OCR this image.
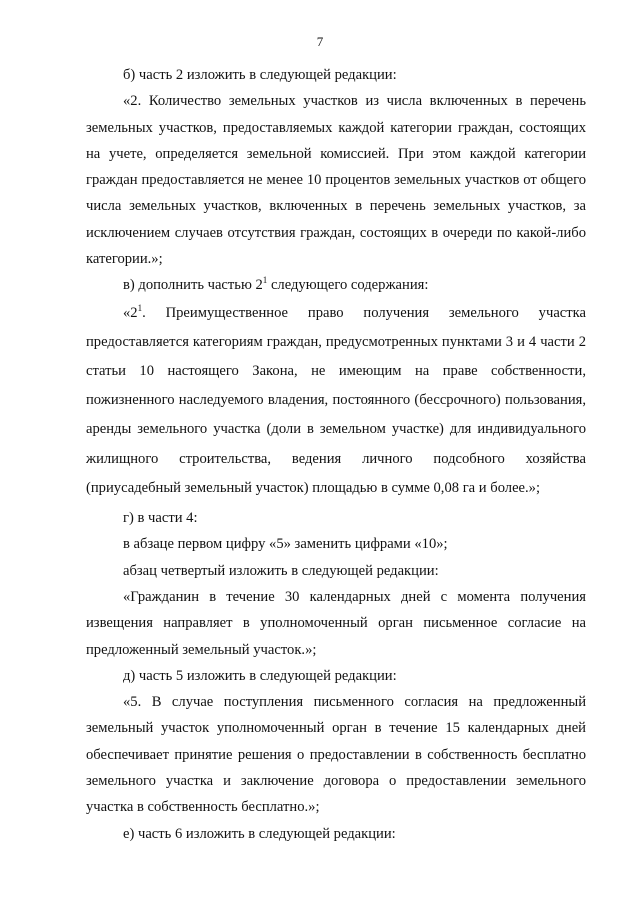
7

б) часть 2 изложить в следующей редакции:

«2. Количество земельных участков из числа включенных в перечень земельных участков, предоставляемых каждой категории граждан, состоящих на учете, определяется земельной комиссией. При этом каждой категории граждан предоставляется не менее 10 процентов земельных участков от общего числа земельных участков, включенных в перечень земельных участков, за исключением случаев отсутствия граждан, состоящих в очереди по какой-либо категории.»;

в) дополнить частью $2^1$ следующего содержания:

«$2^1$. Преимущественное право получения земельного участка предоставляется категориям граждан, предусмотренных пунктами 3 и 4 части 2 статьи 10 настоящего Закона, не имеющим на праве собственности, пожизненного наследуемого владения, постоянного (бессрочного) пользования, аренды земельного участка (доли в земельном участке) для индивидуального жилищного строительства, ведения личного подсобного хозяйства (приусадебный земельный участок) площадью в сумме 0,08 га и более.»;

г) в части 4:

в абзаце первом цифру «5» заменить цифрами «10»;

абзац четвертый изложить в следующей редакции:

«Гражданин в течение 30 календарных дней с момента получения извещения направляет в уполномоченный орган письменное согласие на предложенный земельный участок.»;

д) часть 5 изложить в следующей редакции:

«5. В случае поступления письменного согласия на предложенный земельный участок уполномоченный орган в течение 15 календарных дней обеспечивает принятие решения о предоставлении в собственность бесплатно земельного участка и заключение договора о предоставлении земельного участка в собственность бесплатно.»;

е) часть 6 изложить в следующей редакции:
